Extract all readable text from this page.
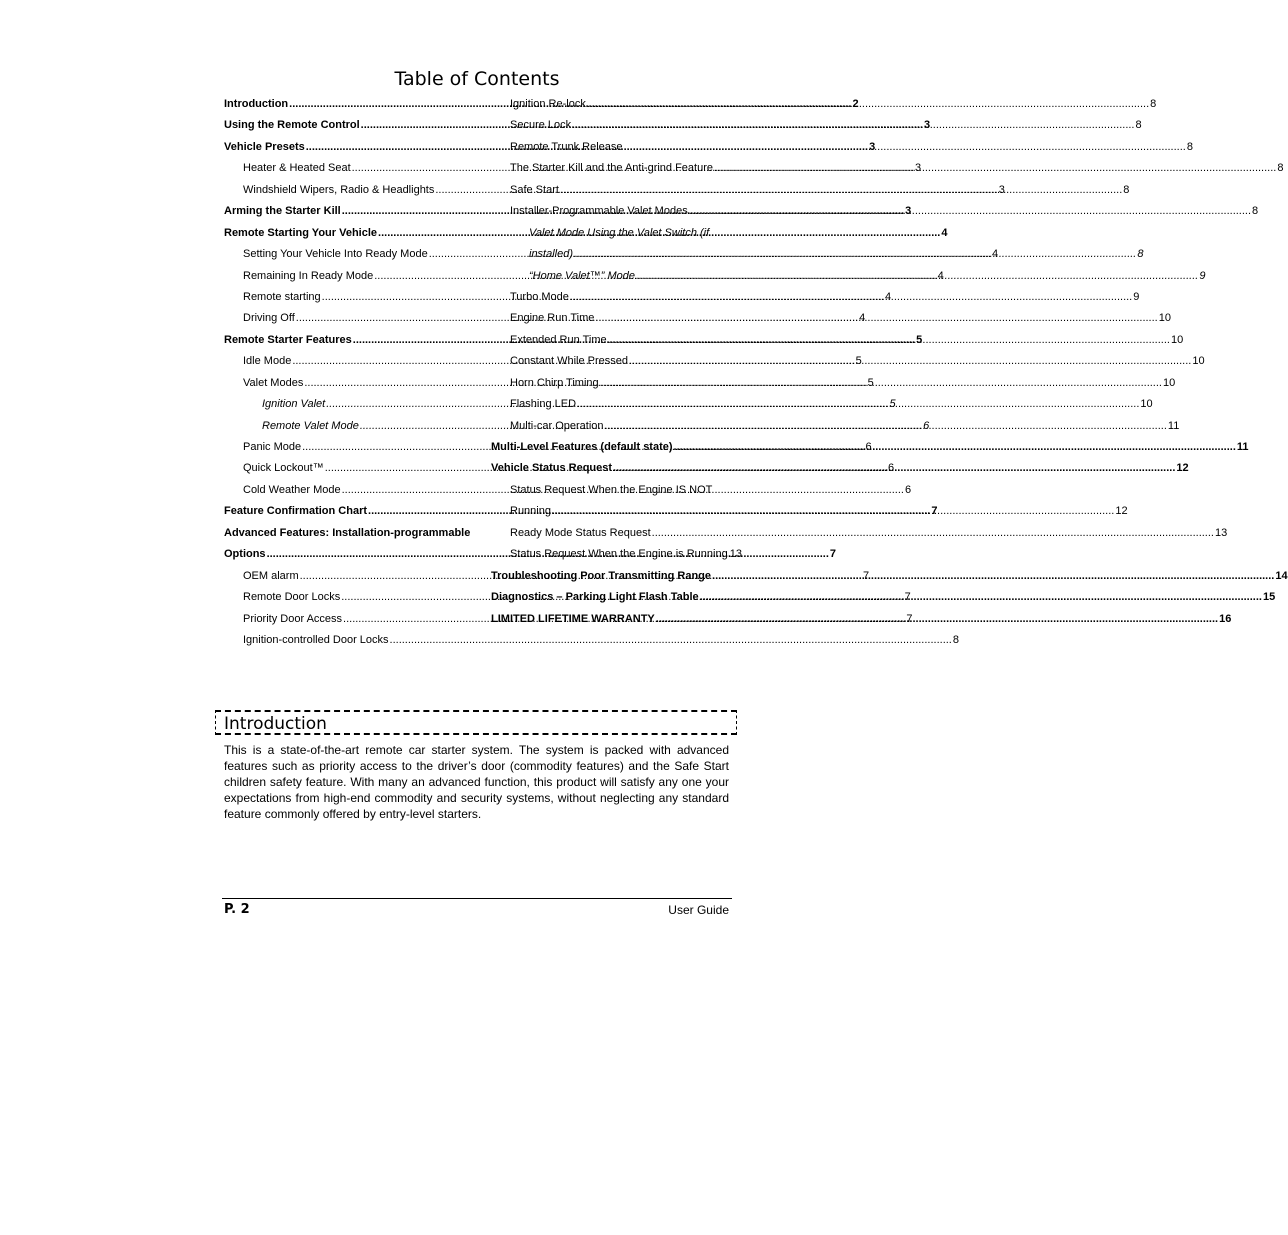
Table of Contents
Introduction .....	2
Using the Remote Control .....	3
Vehicle Presets .....	3
Heater & Heated Seat .....	3
Windshield Wipers, Radio & Headlights .....	3
Arming the Starter Kill .....	3
Remote Starting Your Vehicle .....	4
Setting Your Vehicle Into Ready Mode .....	4
Remaining In Ready Mode .....	4
Remote starting .....	4
Driving Off .....	4
Remote Starter Features .....	5
Idle Mode .....	5
Valet Modes .....	5
Ignition Valet .....	5
Remote Valet Mode .....	6
Panic Mode .....	6
Quick Lockout™ .....	6
Cold Weather Mode .....	6
Feature Confirmation Chart .....	7
Advanced Features: Installation-programmable
Options .....	7
OEM alarm .....	7
Remote Door Locks .....	7
Priority Door Access .....	7
Ignition-controlled Door Locks .....	8
Ignition Re-lock .....	8
Secure Lock .....	8
Remote Trunk Release .....	8
The Starter Kill and the Anti-grind Feature .....	8
Safe Start .....	8
Installer-Programmable Valet Modes .....	8
Valet Mode Using the Valet Switch (if
installed) .....	8
“Home Valet™” Mode .....	9
Turbo Mode .....	9
Engine Run Time .....	10
Extended Run Time .....	10
Constant While Pressed .....	10
Horn Chirp Timing .....	10
Flashing LED .....	10
Multi-car Operation .....	11
Multi-Level Features (default state) .....	11
Vehicle Status Request .....	12
Status Request When the Engine IS NOT
Running .....	12
Ready Mode Status Request .....	13
Status Request When the Engine is Running 13
Troubleshooting Poor Transmitting Range .....	14
Diagnostics – Parking Light Flash Table .....	15
LIMITED LIFETIME WARRANTY .....	16
Introduction

This is a state-of-the-art remote car starter system. The system is packed with advanced features such as priority access to the driver’s door (commodity features) and the Safe Start children safety feature. With many an advanced function, this product will satisfy any one your expectations from high-end commodity and security systems, without neglecting any standard feature commonly offered by entry-level starters.

P. 2	User Guide
